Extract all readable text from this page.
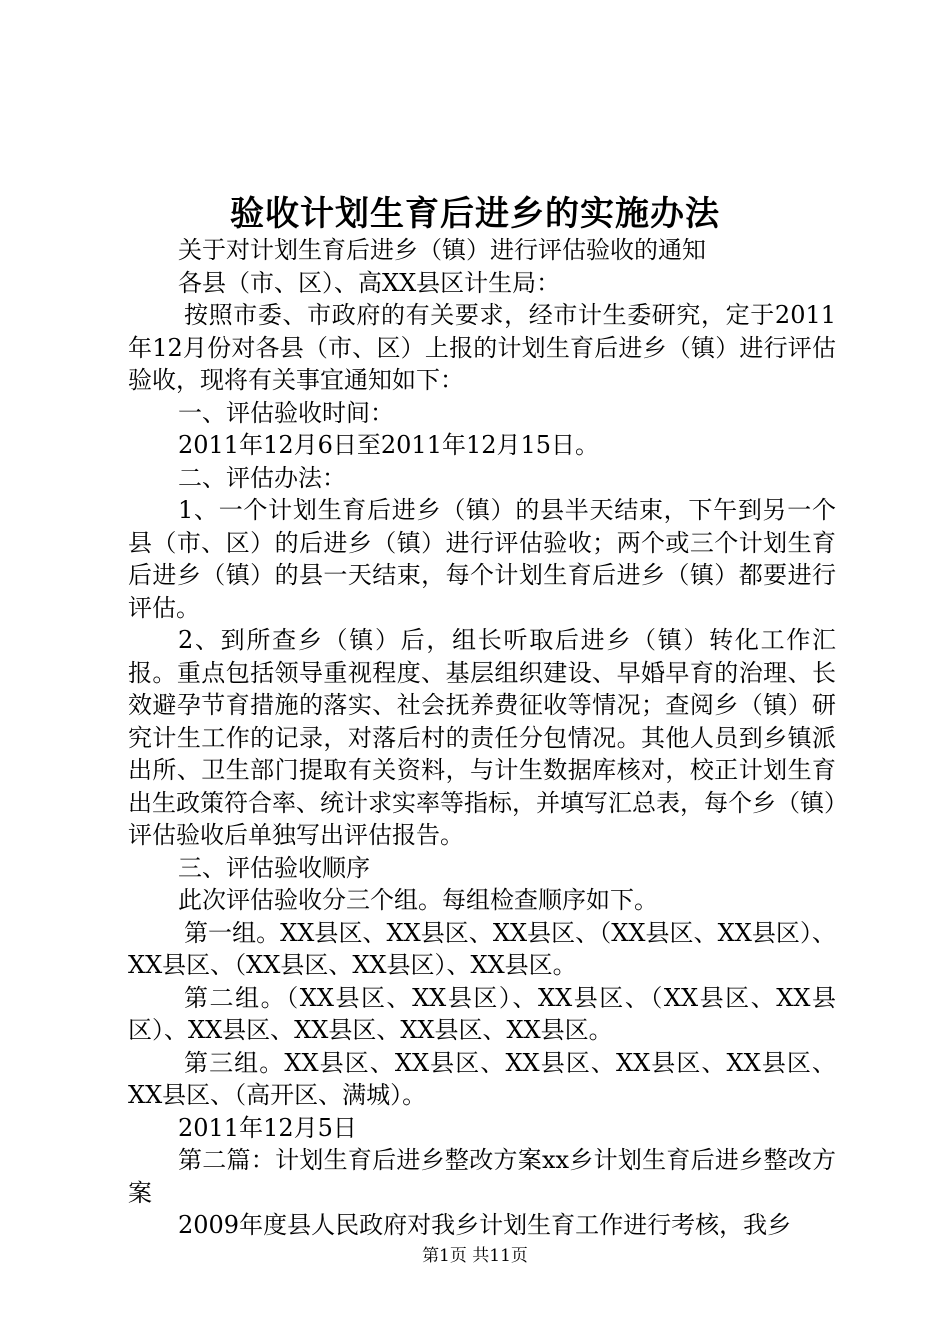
验收计划生育后进乡的实施办法

关于对计划生育后进乡（镇）进行评估验收的通知

各县（市、区）、高XX县区计生局：

按照市委、市政府的有关要求，经市计生委研究，定于2011年12月份对各县（市、区）上报的计划生育后进乡（镇）进行评估验收，现将有关事宜通知如下：

一、评估验收时间：

2011年12月6日至2011年12月15日。

二、评估办法：

1、一个计划生育后进乡（镇）的县半天结束，下午到另一个县（市、区）的后进乡（镇）进行评估验收；两个或三个计划生育后进乡（镇）的县一天结束，每个计划生育后进乡（镇）都要进行评估。

2、到所查乡（镇）后，组长听取后进乡（镇）转化工作汇报。重点包括领导重视程度、基层组织建设、早婚早育的治理、长效避孕节育措施的落实、社会抚养费征收等情况；查阅乡（镇）研究计生工作的记录，对落后村的责任分包情况。其他人员到乡镇派出所、卫生部门提取有关资料，与计生数据库核对，校正计划生育出生政策符合率、统计求实率等指标，并填写汇总表，每个乡（镇）评估验收后单独写出评估报告。

三、评估验收顺序

此次评估验收分三个组。每组检查顺序如下。

第一组。XX县区、XX县区、XX县区、（XX县区、XX县区）、XX县区、（XX县区、XX县区）、XX县区。

第二组。（XX县区、XX县区）、XX县区、（XX县区、XX县区）、XX县区、XX县区、XX县区、XX县区。

第三组。XX县区、XX县区、XX县区、XX县区、XX县区、XX县区、（高开区、满城）。

2011年12月5日

第二篇：计划生育后进乡整改方案xx乡计划生育后进乡整改方案

2009年度县人民政府对我乡计划生育工作进行考核，我乡

第1页 共11页
